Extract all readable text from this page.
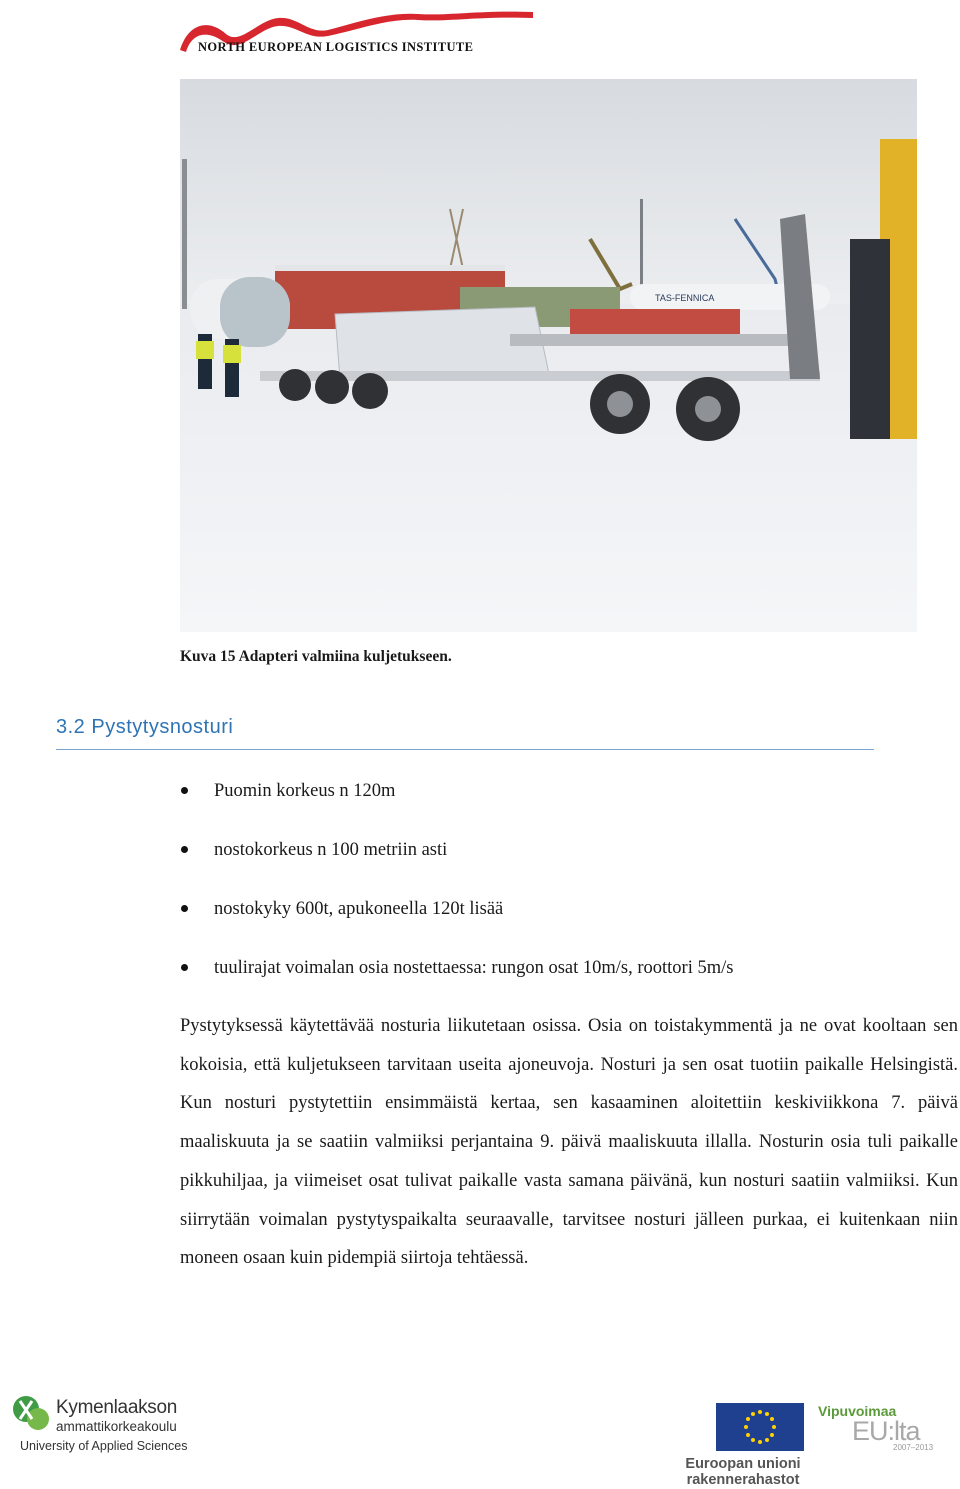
NORTH EUROPEAN LOGISTICS INSTITUTE
TAS-FENNICA
Kuva 15 Adapteri valmiina kuljetukseen.
3.2 Pystytysnosturi
Puomin korkeus n 120m
nostokorkeus n 100 metriin asti
nostokyky 600t, apukoneella 120t lisää
tuulirajat voimalan osia nostettaessa: rungon osat 10m/s, roottori 5m/s

Pystytyksessä käytettävää nosturia liikutetaan osissa. Osia on toistakymmentä ja ne ovat kooltaan sen kokoisia, että kuljetukseen tarvitaan useita ajoneuvoja. Nosturi ja sen osat tuotiin paikalle Helsingistä. Kun nosturi pystytettiin ensimmäistä kertaa, sen kasaaminen aloitettiin keskiviikkona 7. päivä maaliskuuta ja se saatiin valmiiksi perjantaina 9. päivä maaliskuuta illalla. Nosturin osia tuli paikalle pikkuhiljaa, ja viimeiset osat tulivat paikalle vasta samana päivänä, kun nosturi saatiin valmiiksi. Kun siirrytään voimalan pystytyspaikalta seuraavalle, tarvitsee nosturi jälleen purkaa, ei kuitenkaan niin moneen osaan kuin pidempiä siirtoja tehtäessä.

Kymenlaakson
ammattikorkeakoulu
University of Applied Sciences
Euroopan unioni
rakennerahastot
Vipuvoimaa
EU:lta
2007–2013
